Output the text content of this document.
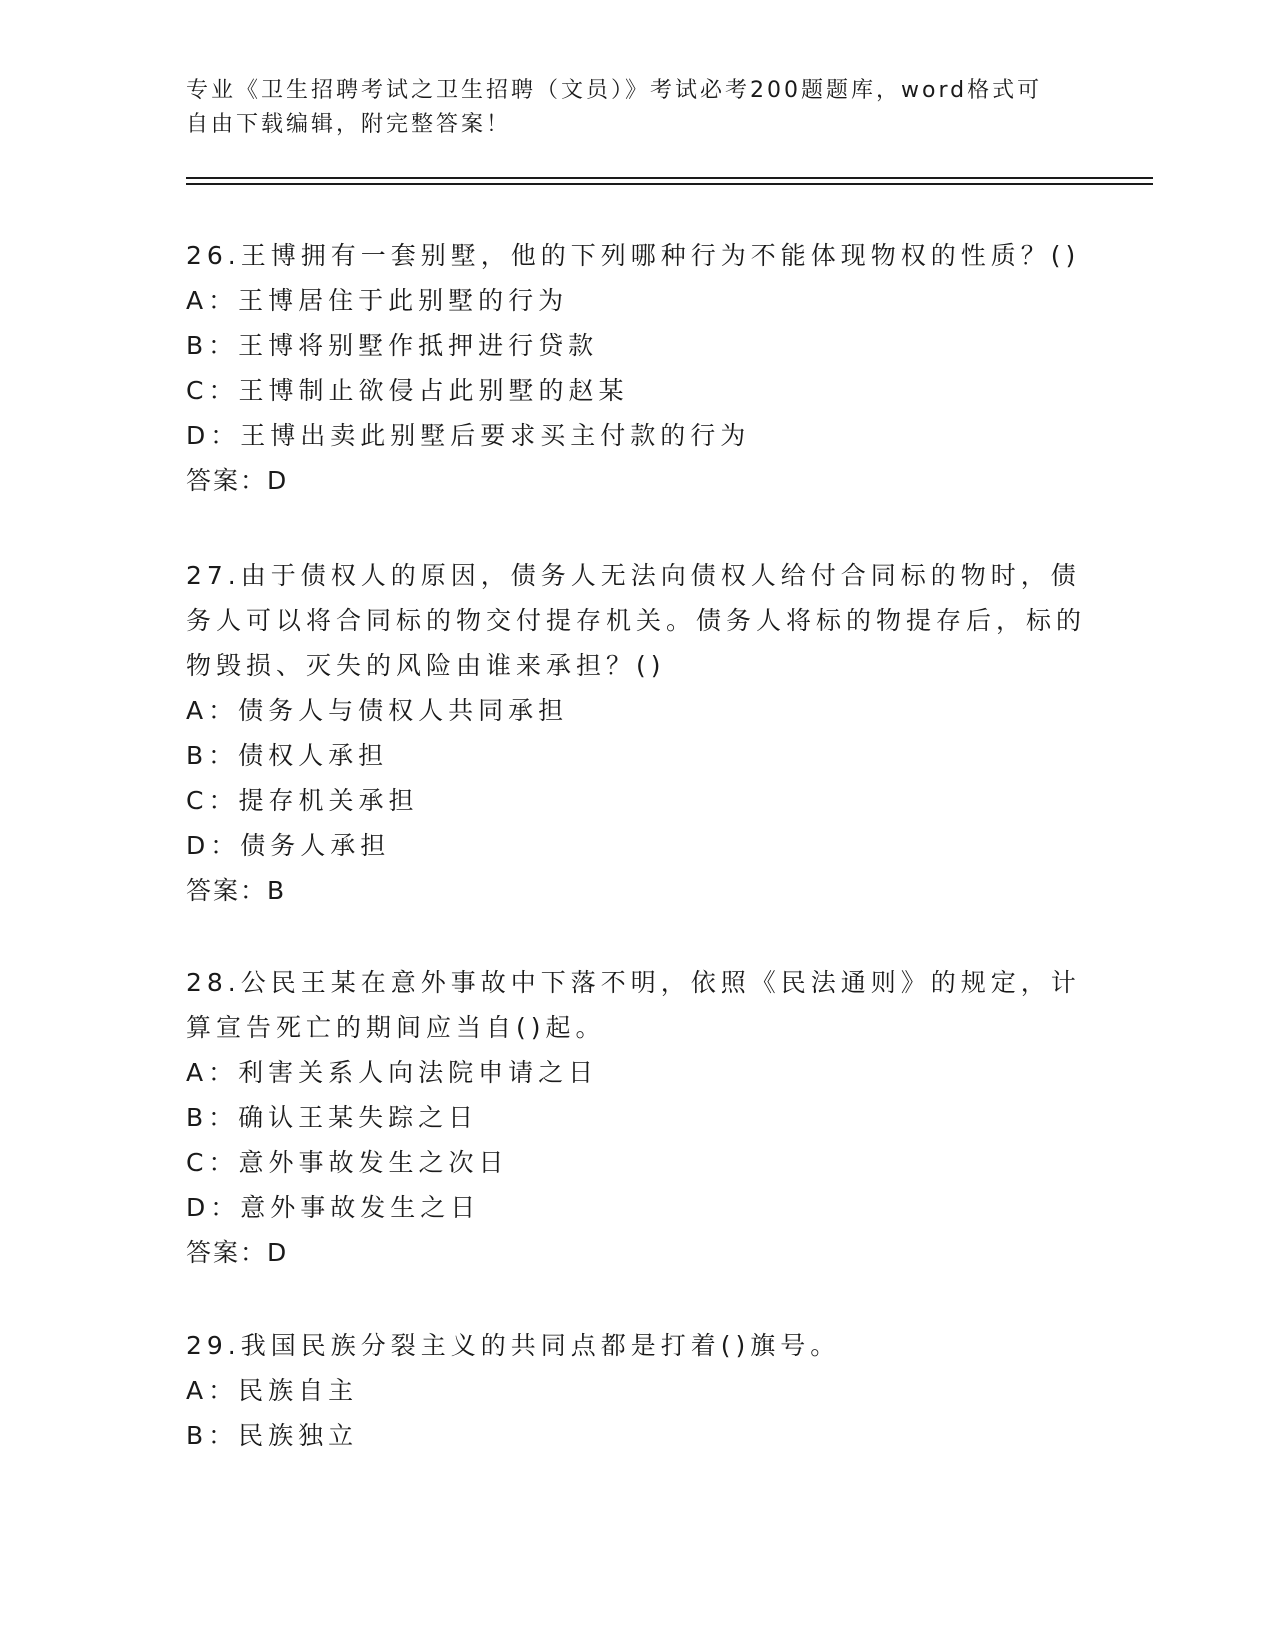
专业《卫生招聘考试之卫生招聘（文员）》考试必考200题题库，word格式可自由下载编辑，附完整答案！
26.王博拥有一套别墅，他的下列哪种行为不能体现物权的性质？()
A：王博居住于此别墅的行为
B：王博将别墅作抵押进行贷款
C：王博制止欲侵占此别墅的赵某
D：王博出卖此别墅后要求买主付款的行为
答案：D
27.由于债权人的原因，债务人无法向债权人给付合同标的物时，债务人可以将合同标的物交付提存机关。债务人将标的物提存后，标的物毁损、灭失的风险由谁来承担？()
A：债务人与债权人共同承担
B：债权人承担
C：提存机关承担
D：债务人承担
答案：B
28.公民王某在意外事故中下落不明，依照《民法通则》的规定，计算宣告死亡的期间应当自()起。
A：利害关系人向法院申请之日
B：确认王某失踪之日
C：意外事故发生之次日
D：意外事故发生之日
答案：D
29.我国民族分裂主义的共同点都是打着()旗号。
A：民族自主
B：民族独立
